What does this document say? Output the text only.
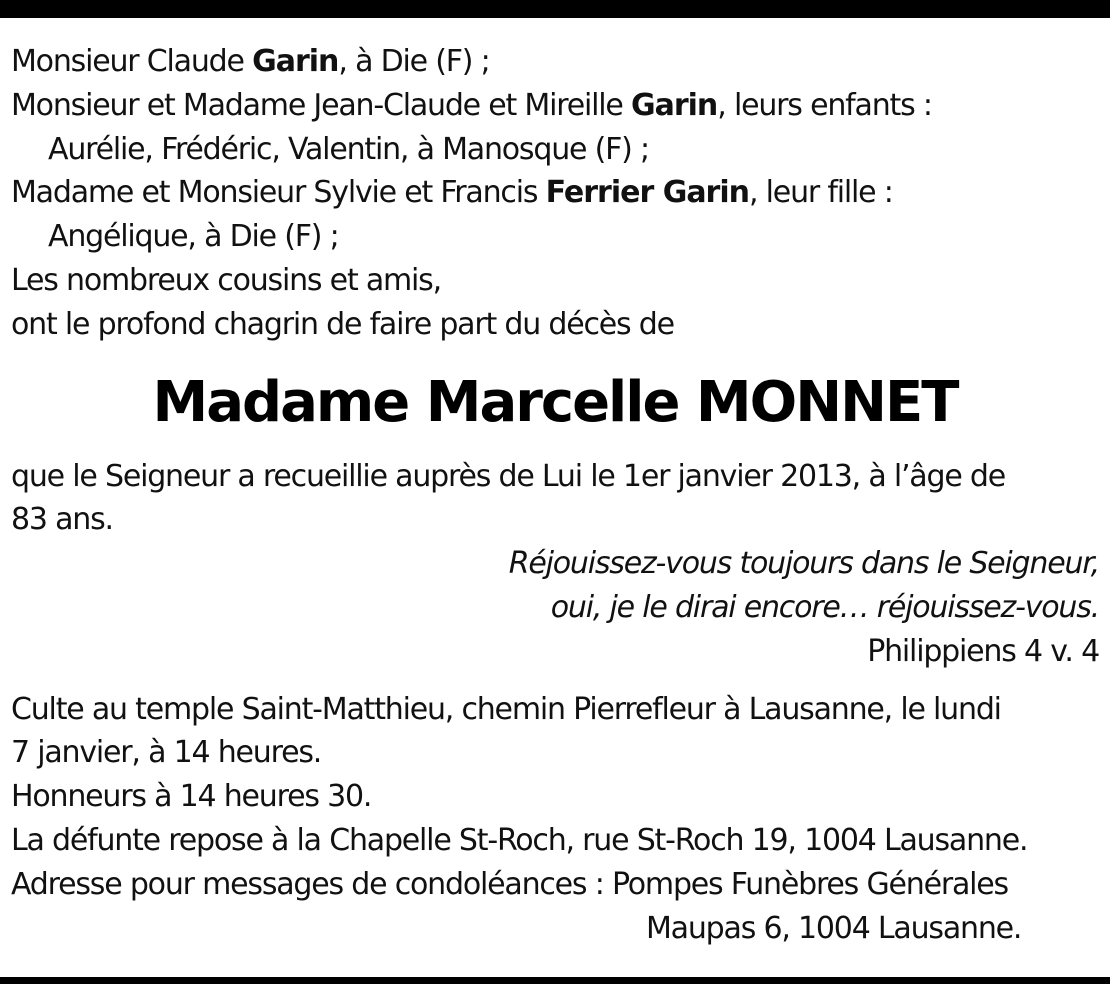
Monsieur Claude Garin, à Die (F) ;
Monsieur et Madame Jean-Claude et Mireille Garin, leurs enfants :
Aurélie, Frédéric, Valentin, à Manosque (F) ;
Madame et Monsieur Sylvie et Francis Ferrier Garin, leur fille :
Angélique, à Die (F) ;
Les nombreux cousins et amis,
ont le profond chagrin de faire part du décès de
Madame Marcelle MONNET
que le Seigneur a recueillie auprès de Lui le 1er janvier 2013, à l’âge de
83 ans.
Réjouissez-vous toujours dans le Seigneur,
oui, je le dirai encore… réjouissez-vous.
Philippiens 4 v. 4
Culte au temple Saint-Matthieu, chemin Pierrefleur à Lausanne, le lundi
7 janvier, à 14 heures.
Honneurs à 14 heures 30.
La défunte repose à la Chapelle St-Roch, rue St-Roch 19, 1004 Lausanne.
Adresse pour messages de condoléances : Pompes Funèbres Générales
Maupas 6, 1004 Lausanne.
